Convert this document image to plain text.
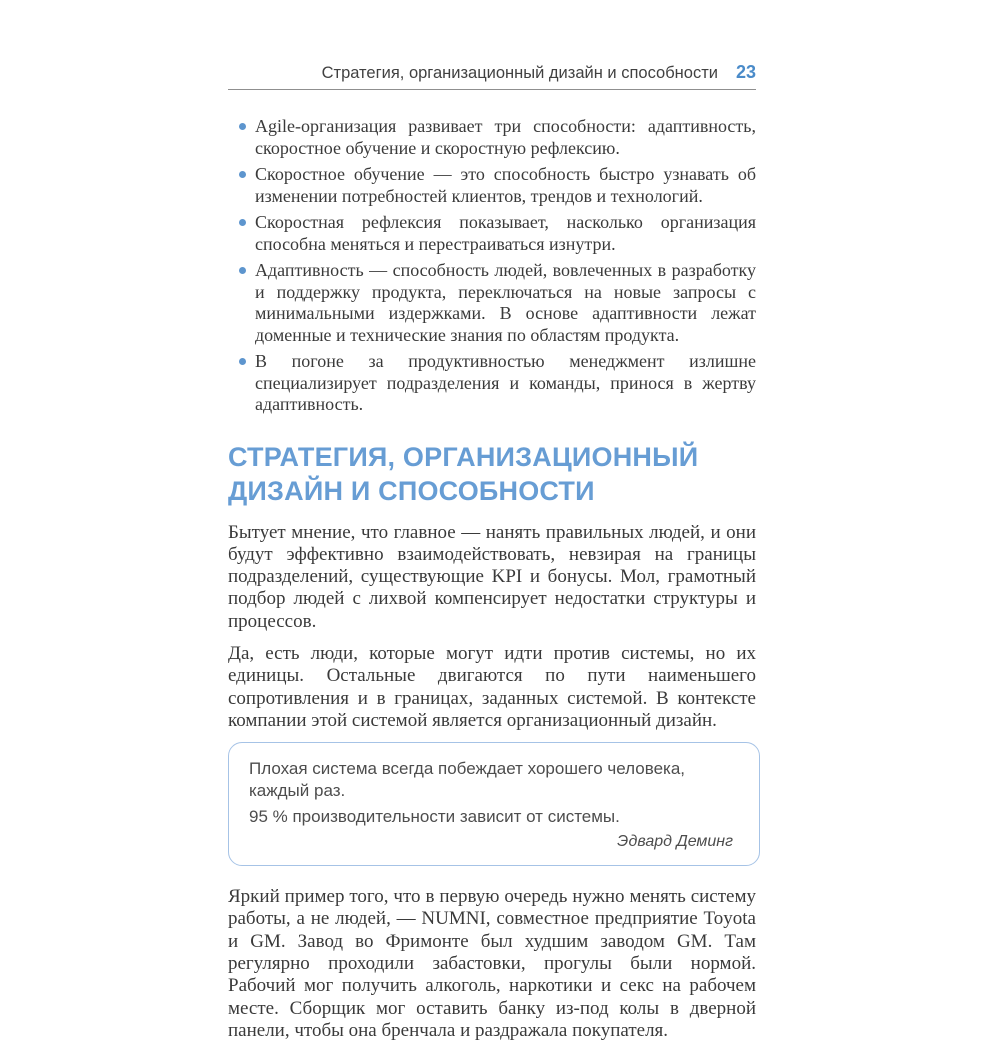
Стратегия, организационный дизайн и способности 23
Agile-организация развивает три способности: адаптивность, скоростное обучение и скоростную рефлексию.
Скоростное обучение — это способность быстро узнавать об изменении потребностей клиентов, трендов и технологий.
Скоростная рефлексия показывает, насколько организация способна меняться и перестраиваться изнутри.
Адаптивность — способность людей, вовлеченных в разработку и поддержку продукта, переключаться на новые запросы с минимальными издержками. В основе адаптивности лежат доменные и технические знания по областям продукта.
В погоне за продуктивностью менеджмент излишне специализирует подразделения и команды, принося в жертву адаптивность.
СТРАТЕГИЯ, ОРГАНИЗАЦИОННЫЙ ДИЗАЙН И СПОСОБНОСТИ

Бытует мнение, что главное — нанять правильных людей, и они будут эффективно взаимодействовать, невзирая на границы подразделений, существующие KPI и бонусы. Мол, грамотный подбор людей с лихвой компенсирует недостатки структуры и процессов.

Да, есть люди, которые могут идти против системы, но их единицы. Остальные двигаются по пути наименьшего сопротивления и в границах, заданных системой. В контексте компании этой системой является организационный дизайн.

Плохая система всегда побеждает хорошего человека, каждый раз.

95 % производительности зависит от системы.

Эдвард Деминг

Яркий пример того, что в первую очередь нужно менять систему работы, а не людей, — NUMNI, совместное предприятие Toyota и GM. Завод во Фримонте был худшим заводом GM. Там регулярно проходили забастовки, прогулы были нормой. Рабочий мог получить алкоголь, наркотики и секс на рабочем месте. Сборщик мог оставить банку из-под колы в дверной панели, чтобы она бренчала и раздражала покупателя.
